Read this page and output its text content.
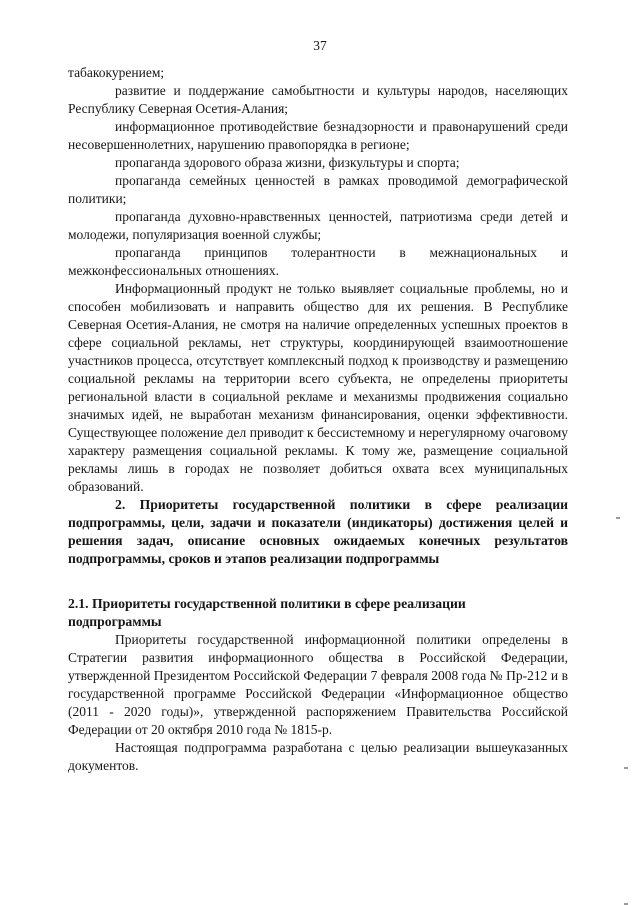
37

табакокурением;

развитие и поддержание самобытности и культуры народов, населяющих Республику Северная Осетия-Алания;

информационное противодействие безнадзорности и правонарушений среди несовершеннолетних, нарушению правопорядка в регионе;

пропаганда здорового образа жизни, физкультуры и спорта;

пропаганда семейных ценностей в рамках проводимой демографической политики;

пропаганда духовно-нравственных ценностей, патриотизма среди детей и молодежи, популяризация военной службы;

пропаганда принципов толерантности в межнациональных и межконфессиональных отношениях.

Информационный продукт не только выявляет социальные проблемы, но и способен мобилизовать и направить общество для их решения. В Республике Северная Осетия-Алания, не смотря на наличие определенных успешных проектов в сфере социальной рекламы, нет структуры, координирующей взаимоотношение участников процесса, отсутствует комплексный подход к производству и размещению социальной рекламы на территории всего субъекта, не определены приоритеты региональной власти в социальной рекламе и механизмы продвижения социально значимых идей, не выработан механизм финансирования, оценки эффективности. Существующее положение дел приводит к бессистемному и нерегулярному очаговому характеру размещения социальной рекламы. К тому же, размещение социальной рекламы лишь в городах не позволяет добиться охвата всех муниципальных образований.

2. Приоритеты государственной политики в сфере реализации подпрограммы, цели, задачи и показатели (индикаторы) достижения целей и решения задач, описание основных ожидаемых конечных результатов подпрограммы, сроков и этапов реализации подпрограммы

2.1. Приоритеты государственной политики в сфере реализации

подпрограммы

Приоритеты государственной информационной политики определены в Стратегии развития информационного общества в Российской Федерации, утвержденной Президентом Российской Федерации 7 февраля 2008 года № Пр-212 и в государственной программе Российской Федерации «Информационное общество (2011 - 2020 годы)», утвержденной распоряжением Правительства Российской Федерации от 20 октября 2010 года № 1815-р.

Настоящая подпрограмма разработана с целью реализации вышеуказанных документов.
